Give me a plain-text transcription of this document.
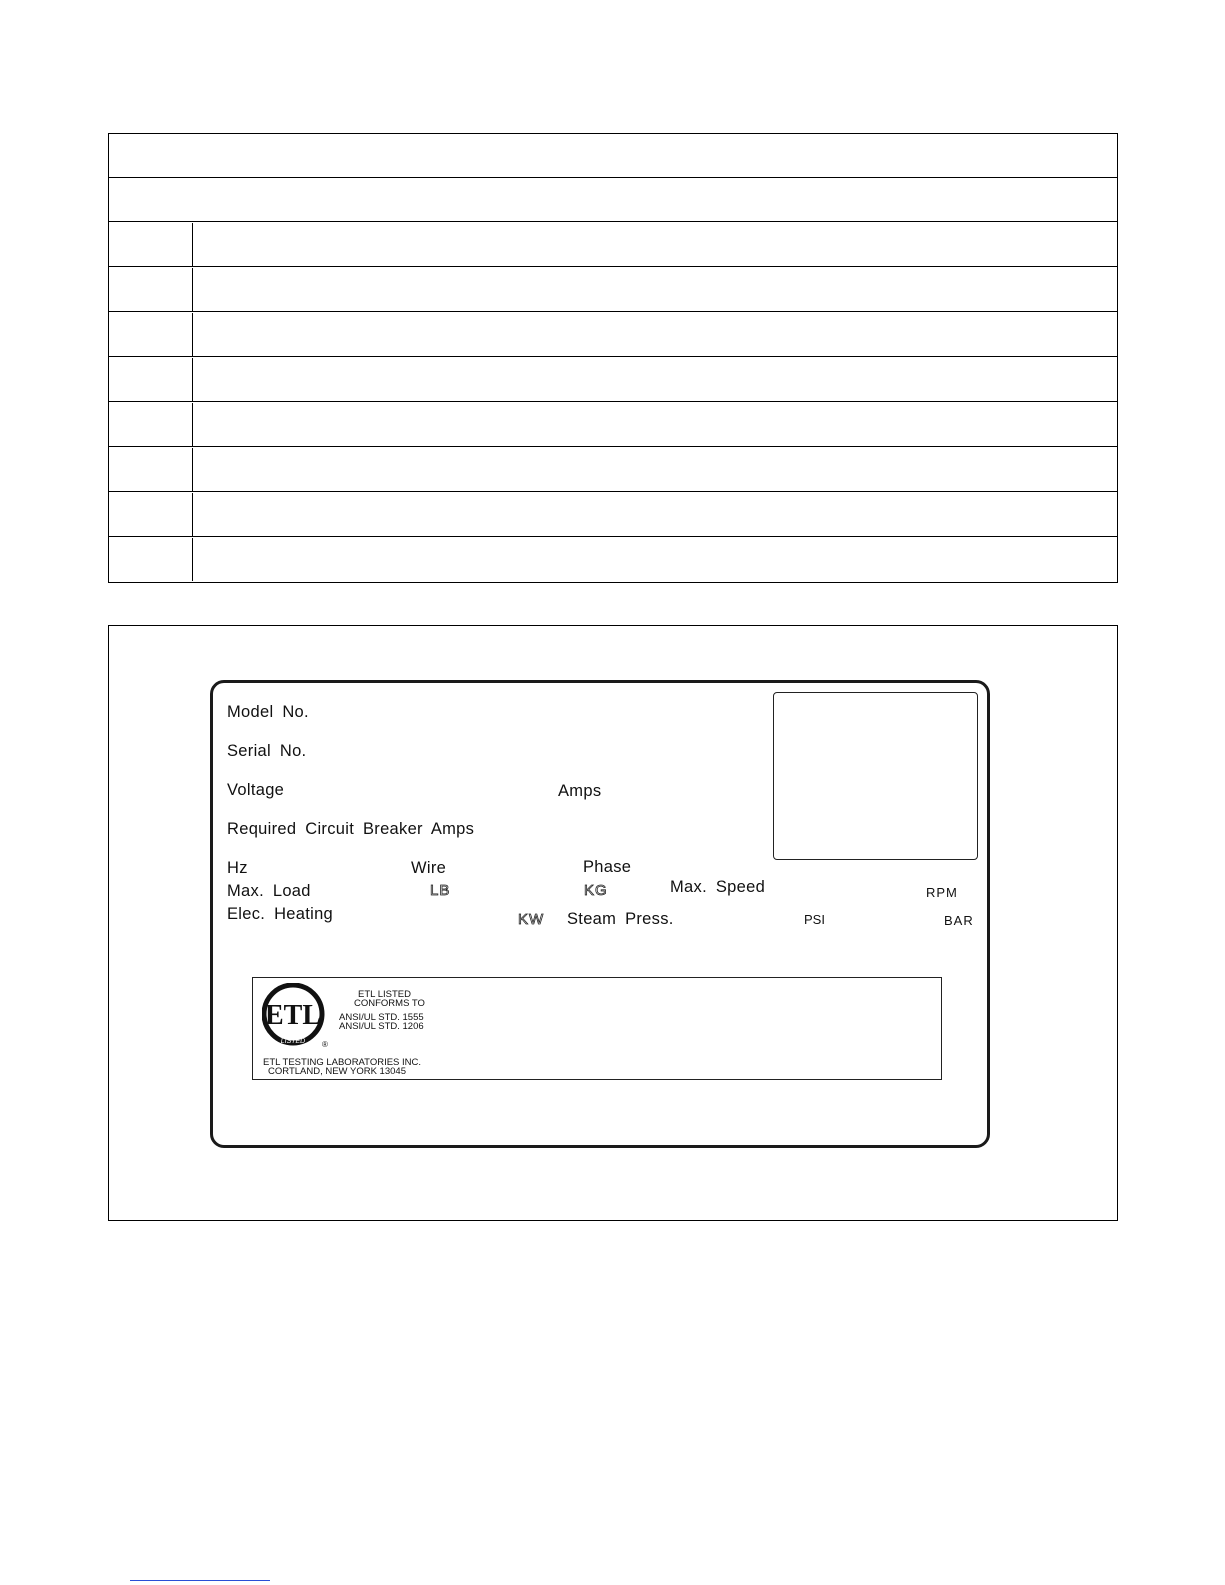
Model No.
Serial No.
Voltage	Amps
Required Circuit Breaker Amps
Hz	Wire	Phase
Max. Load	LB	KG	Max. Speed	RPM
Elec. Heating	KW Steam Press.	PSI	BAR
ETL
LISTED ®
ETL LISTED
CONFORMS TO
ANSI/UL STD. 1555
ANSI/UL STD. 1206
ETL TESTING LABORATORIES INC.
CORTLAND, NEW YORK 13045
